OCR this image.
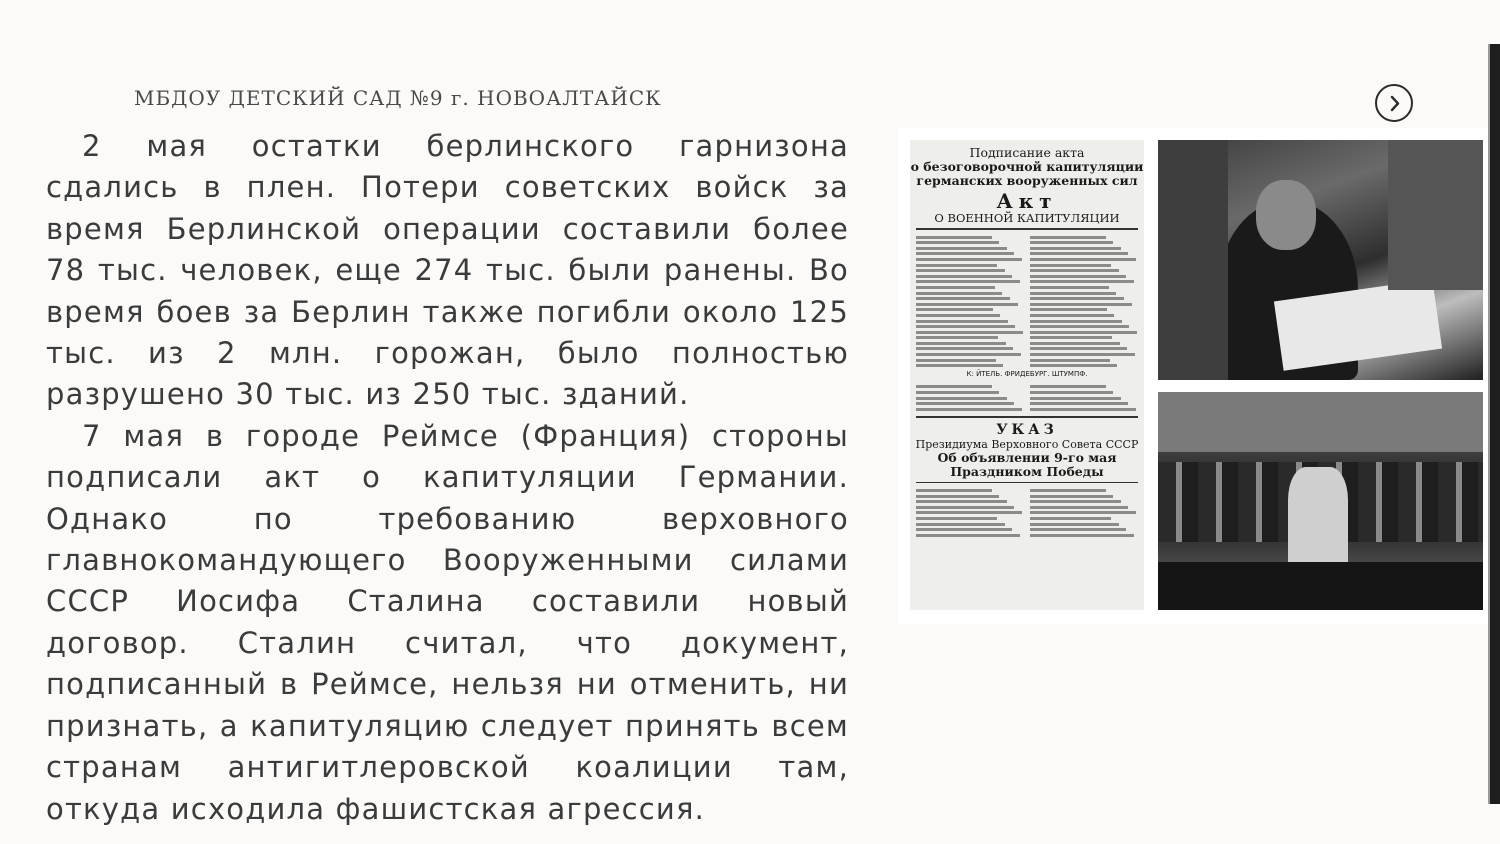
МБДОУ ДЕТСКИЙ САД №9 г. НОВОАЛТАЙСК

2 мая остатки берлинского гарнизона сдались в плен. Потери советских войск за время Берлинской операции составили более 78 тыс. человек, еще 274 тыс. были ранены. Во время боев за Берлин также погибли около 125 тыс. из 2 млн. горожан, было полностью разрушено 30 тыс. из 250 тыс. зданий.

7 мая в городе Реймсе (Франция) стороны подписали акт о капитуляции Германии. Однако по требованию верховного главнокомандующего Вооруженными силами СССР Иосифа Сталина составили новый договор. Сталин считал, что документ, подписанный в Реймсе, нельзя ни отменить, ни признать, а капитуляцию следует принять всем странам антигитлеровской коалиции там, откуда исходила фашистская агрессия.

Подписание акта
о безоговорочной капитуляции
германских вооруженных сил
Акт
О ВОЕННОЙ КАПИТУЛЯЦИИ
К: ЙТЕЛЬ. ФРИДЕБУРГ. ШТУМПФ.
УКАЗ
Президиума Верховного Совета СССР
Об объявлении 9-го мая
Праздником Победы
